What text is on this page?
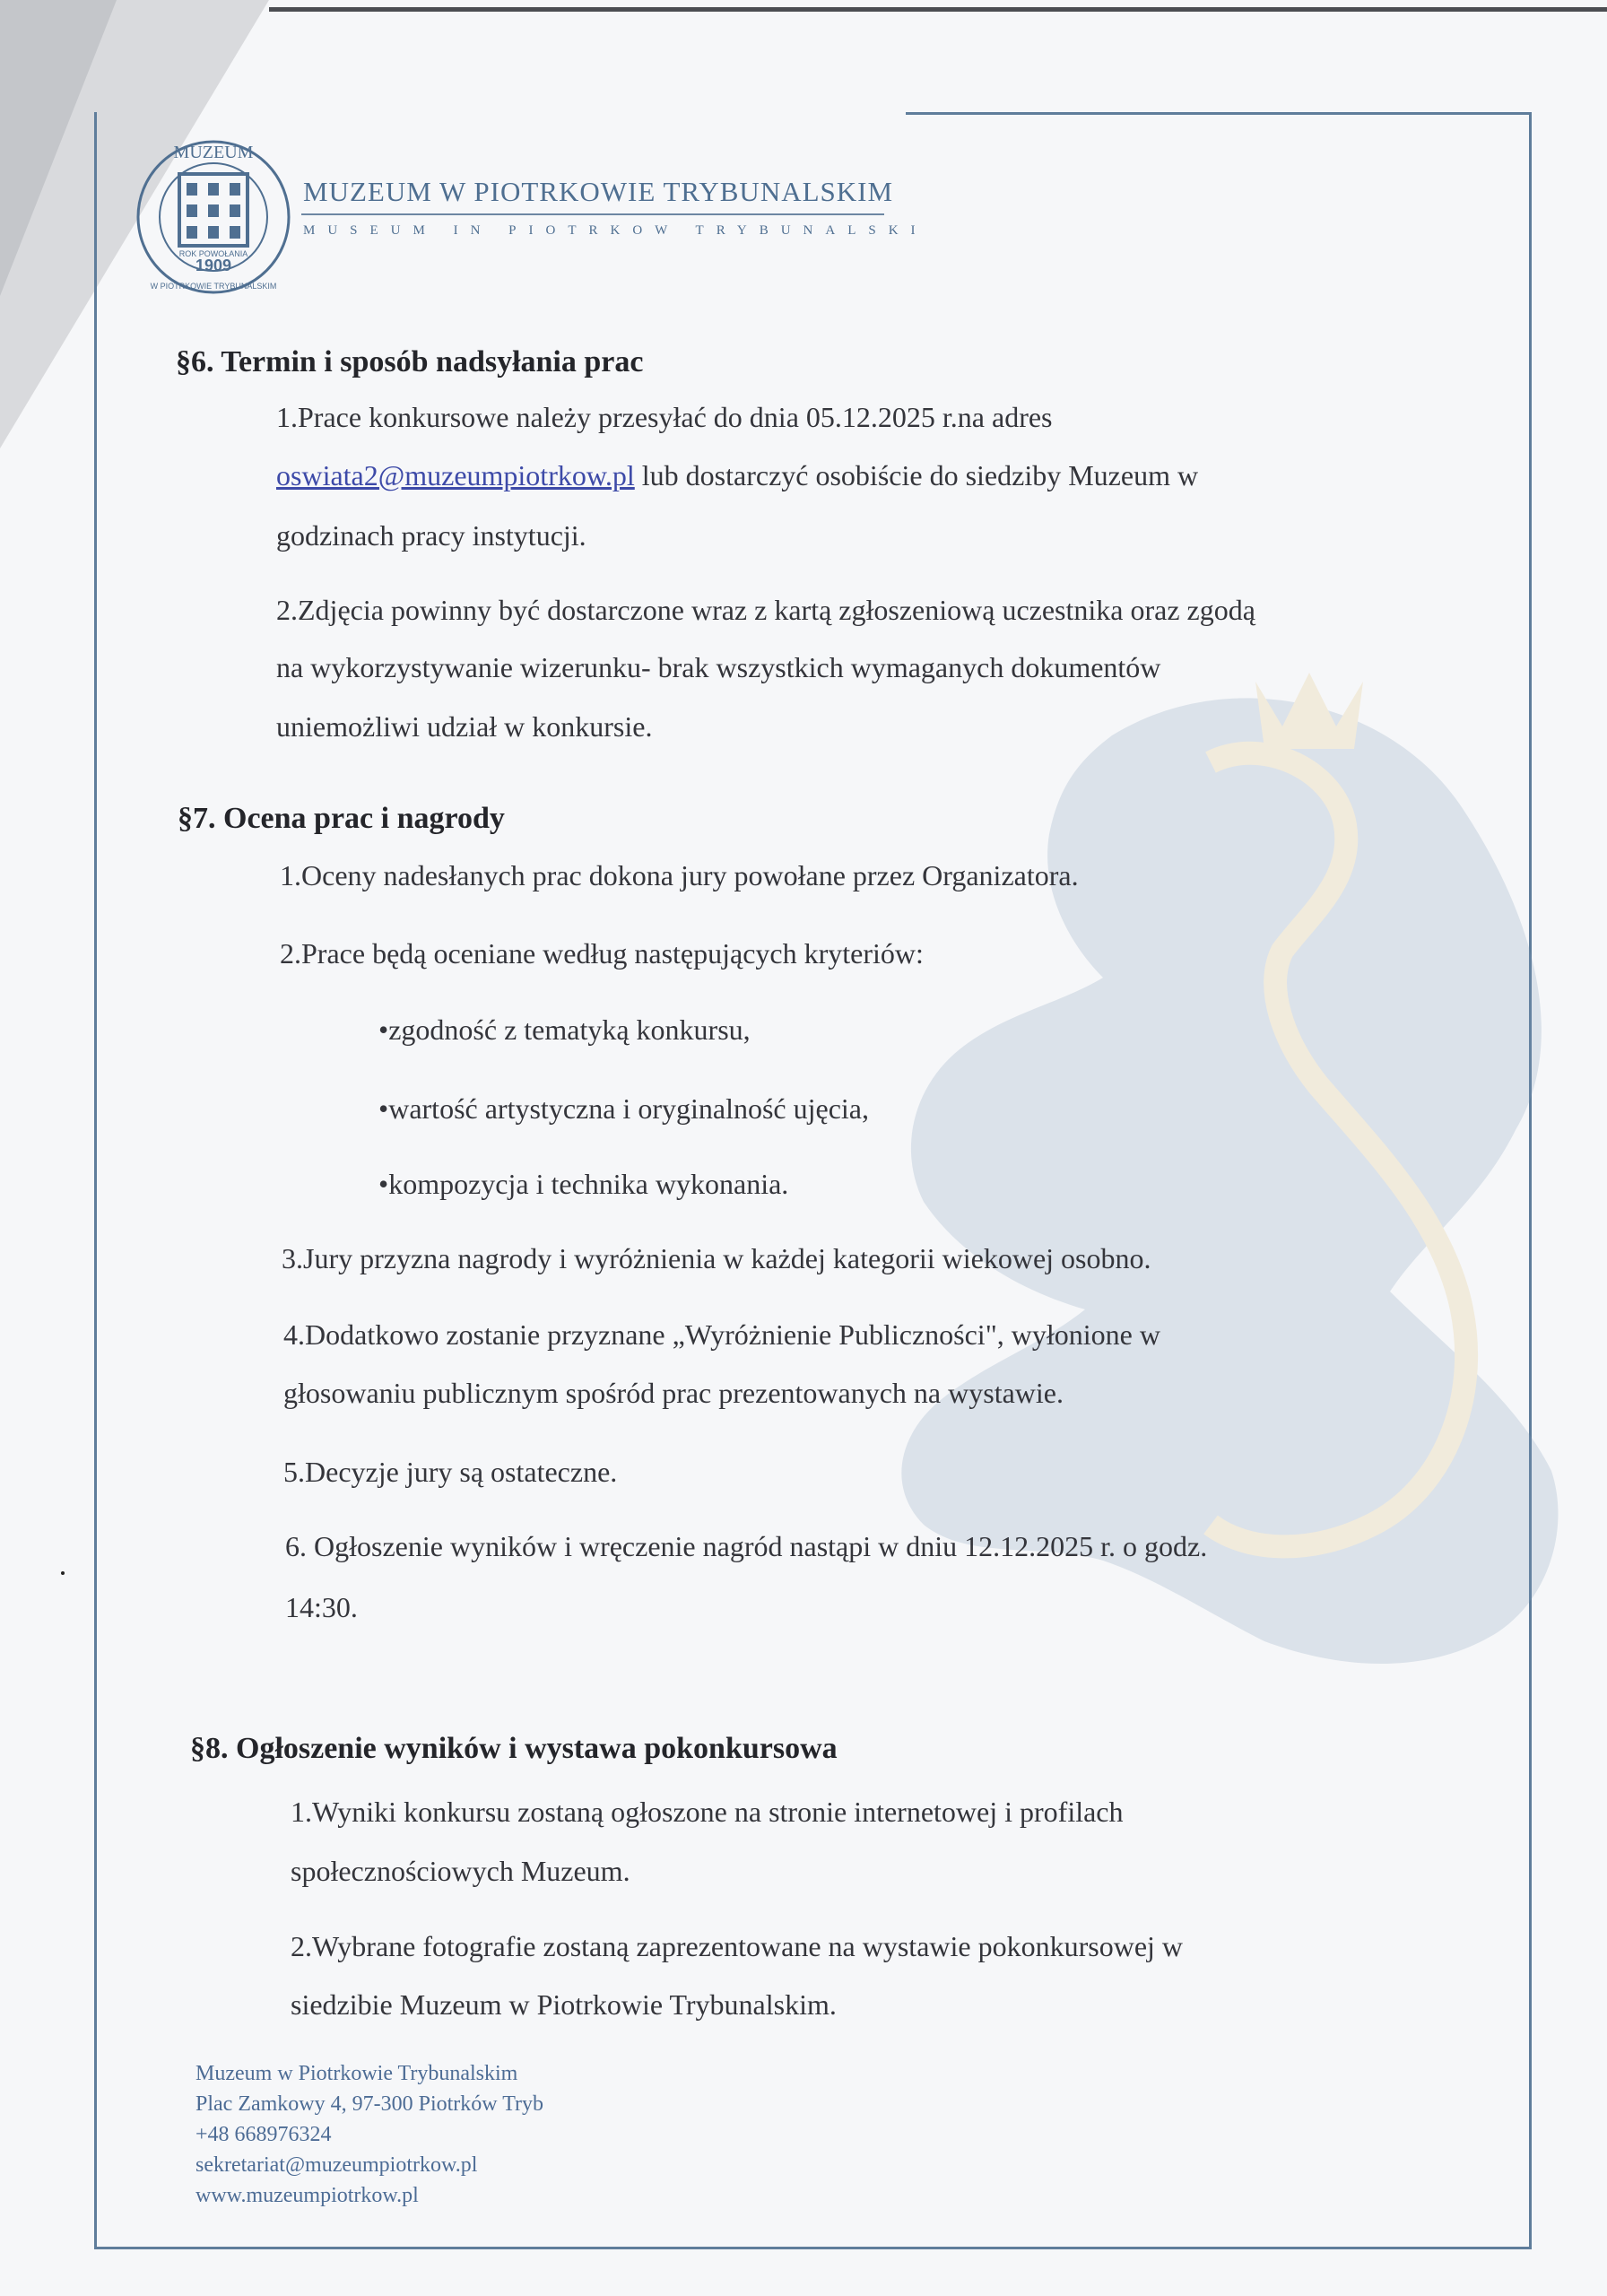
MUZEUM
ROK POWOŁANIA
1909
W PIOTRKOWIE TRYBUNALSKIM
MUZEUM W PIOTRKOWIE TRYBUNALSKIM
MUSEUM IN PIOTRKOW TRYBUNALSKI
§6. Termin i sposób nadsyłania prac
1.Prace konkursowe należy przesyłać do dnia 05.12.2025 r.na adres
oswiata2@muzeumpiotrkow.pl lub dostarczyć osobiście do siedziby Muzeum w
godzinach pracy instytucji.
2.Zdjęcia powinny być dostarczone wraz z kartą zgłoszeniową uczestnika oraz zgodą
na wykorzystywanie wizerunku- brak wszystkich wymaganych dokumentów
uniemożliwi udział w konkursie.
§7. Ocena prac i nagrody
1.Oceny nadesłanych prac dokona jury powołane przez Organizatora.
2.Prace będą oceniane według następujących kryteriów:
•zgodność z tematyką konkursu,
•wartość artystyczna i oryginalność ujęcia,
•kompozycja i technika wykonania.
3.Jury przyzna nagrody i wyróżnienia w każdej kategorii wiekowej osobno.
4.Dodatkowo zostanie przyznane „Wyróżnienie Publiczności", wyłonione w
głosowaniu publicznym spośród prac prezentowanych na wystawie.
5.Decyzje jury są ostateczne.
6. Ogłoszenie wyników i wręczenie nagród nastąpi w dniu 12.12.2025 r. o godz.
14:30.
§8. Ogłoszenie wyników i wystawa pokonkursowa
1.Wyniki konkursu zostaną ogłoszone na stronie internetowej i profilach
społecznościowych Muzeum.
2.Wybrane fotografie zostaną zaprezentowane na wystawie pokonkursowej w
siedzibie Muzeum w Piotrkowie Trybunalskim.
Muzeum w Piotrkowie Trybunalskim
Plac Zamkowy 4, 97-300 Piotrków Tryb
+48 668976324
sekretariat@muzeumpiotrkow.pl
www.muzeumpiotrkow.pl
